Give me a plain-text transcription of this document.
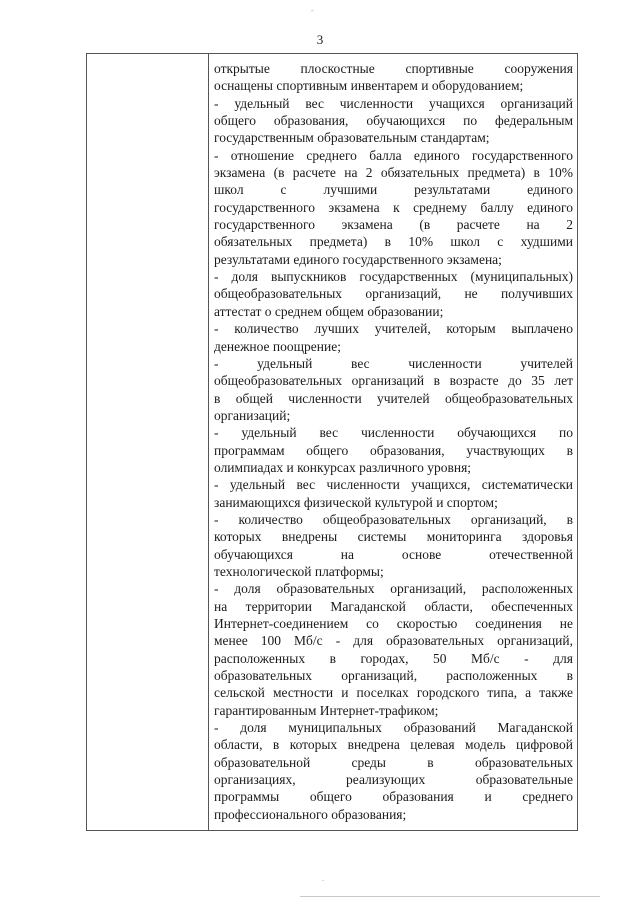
3
-
.
открытые плоскостные спортивные сооружения
оснащены спортивным инвентарем и оборудованием;
- удельный вес численности учащихся организаций
общего образования, обучающихся по федеральным
государственным образовательным стандартам;
- отношение среднего балла единого государственного
экзамена (в расчете на 2 обязательных предмета) в 10%
школ с лучшими результатами единого
государственного экзамена к среднему баллу единого
государственного экзамена (в расчете на 2
обязательных предмета) в 10% школ с худшими
результатами единого государственного экзамена;
- доля выпускников государственных (муниципальных)
общеобразовательных организаций, не получивших
аттестат о среднем общем образовании;
- количество лучших учителей, которым выплачено
денежное поощрение;
- удельный вес численности учителей
общеобразовательных организаций в возрасте до 35 лет
в общей численности учителей общеобразовательных
организаций;
- удельный вес численности обучающихся по
программам общего образования, участвующих в
олимпиадах и конкурсах различного уровня;
- удельный вес численности учащихся, систематически
занимающихся физической культурой и спортом;
- количество общеобразовательных организаций, в
которых внедрены системы мониторинга здоровья
обучающихся на основе отечественной
технологической платформы;
- доля образовательных организаций, расположенных
на территории Магаданской области, обеспеченных
Интернет-соединением со скоростью соединения не
менее 100 Мб/с - для образовательных организаций,
расположенных в городах, 50 Мб/с - для
образовательных организаций, расположенных в
сельской местности и поселках городского типа, а также
гарантированным Интернет-трафиком;
- доля муниципальных образований Магаданской
области, в которых внедрена целевая модель цифровой
образовательной среды в образовательных
организациях, реализующих образовательные
программы общего образования и среднего
профессионального образования;
